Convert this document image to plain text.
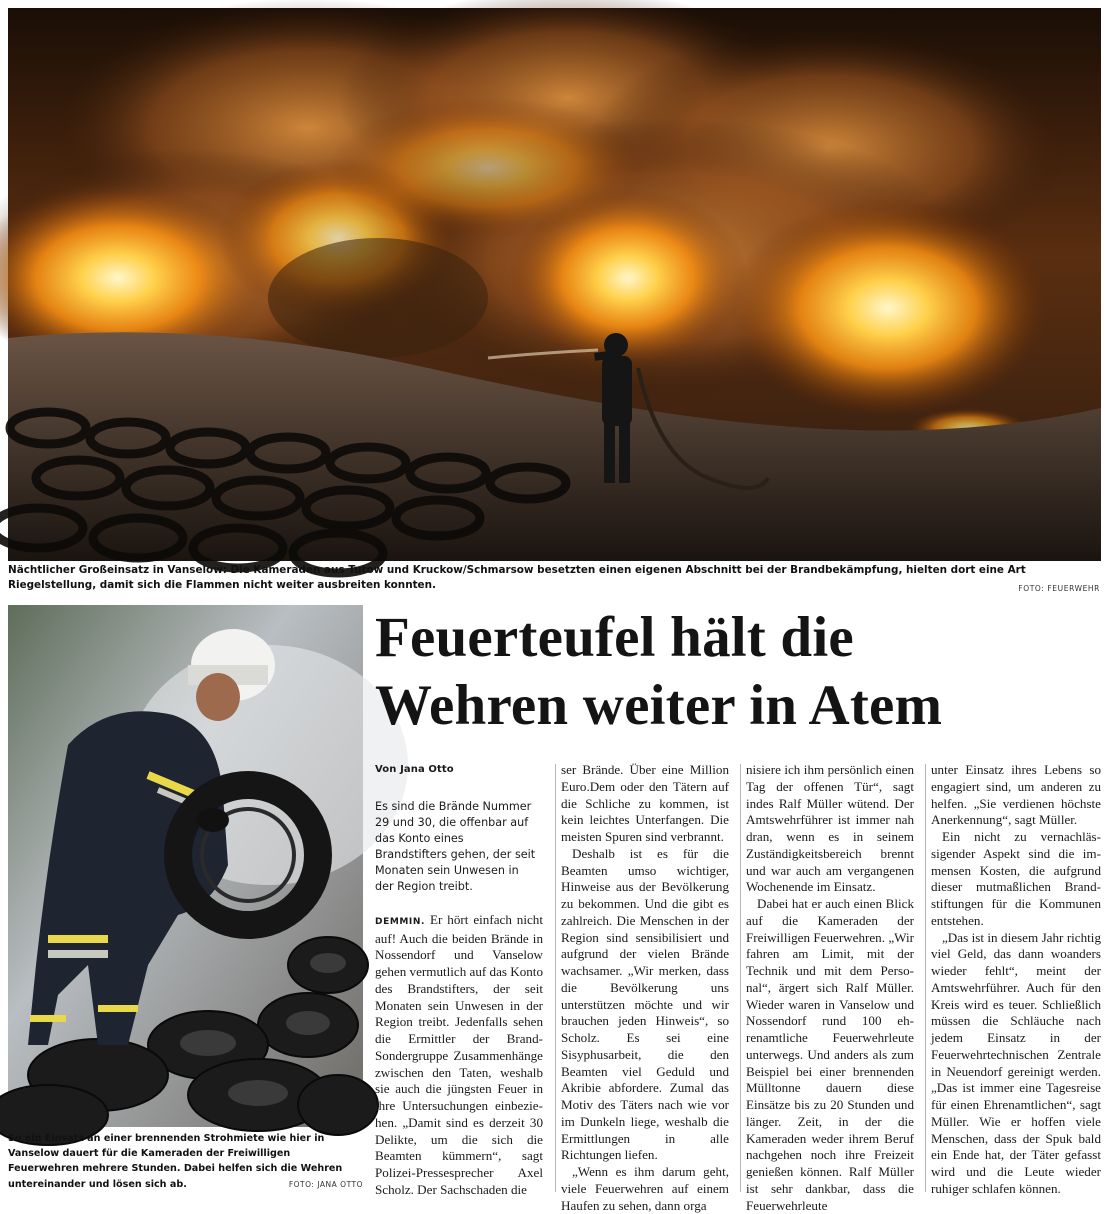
Nächtlicher Großeinsatz in Vanselow: Die Kameraden aus Tutow und Kruckow/Schmarsow besetzten einen eigenen Abschnitt bei der Brandbekämpfung, hielten dort eine Art Riegelstellung, damit sich die Flammen nicht weiter ausbreiten konnten.	FOTO: FEUERWEHR
So ein Einsatz an einer brennenden Strohmiete wie hier in Vanselow dauert für die Kameraden der Freiwilligen Feuerwehren mehrere Stunden. Dabei helfen sich die Wehren untereinander und lösen sich ab.	FOTO: JANA OTTO
Feuerteufel hält die
Wehren weiter in Atem
Von Jana Otto
Es sind die Brände Nummer 29 und 30, die offenbar auf das Konto eines Brandstifters gehen, der seit Monaten sein Unwesen in der Region treibt.

DEMMIN. Er hört einfach nicht auf! Auch die beiden Brände in Nossendorf und Vanselow gehen vermutlich auf das Konto des Brandstifters, der seit Monaten sein Unwesen in der Region treibt. Jedenfalls sehen die Ermittler der Brand-Sondergruppe Zusammenhänge zwischen den Taten, weshalb sie auch die jüngsten Feuer in ihre Untersuchungen einbeziehen. „Damit sind es derzeit 30 Delikte, um die sich die Beamten kümmern“, sagt Polizei-Pressesprecher Axel Scholz. Der Sachschaden die

ser Brände. Über eine Million Euro.Dem oder den Tätern auf die Schliche zu kommen, ist kein leichtes Unterfangen. Die meisten Spuren sind verbrannt.

Deshalb ist es für die Beamten umso wichtiger, Hinweise aus der Bevölkerung zu bekommen. Und die gibt es zahlreich. Die Menschen in der Region sind sensibilisiert und aufgrund der vielen Brände wachsamer. „Wir merken, dass die Bevölkerung uns unterstützen möchte und wir brauchen jeden Hinweis“, so Scholz. Es sei eine Sisyphusarbeit, die den Beamten viel Geduld und Akribie abfordere. Zumal das Motiv des Täters nach wie vor im Dunkeln liege, weshalb die Ermittlungen in alle Richtungen liefen.

„Wenn es ihm darum geht, viele Feuerwehren auf einem Haufen zu sehen, dann orga

nisiere ich ihm persönlich einen Tag der offenen Tür“, sagt indes Ralf Müller wütend. Der Amtswehrführer ist immer nah dran, wenn es in seinem Zuständigkeitsbereich brennt und war auch am vergangenen Wochenende im Einsatz.

Dabei hat er auch einen Blick auf die Kameraden der Freiwilligen Feuerwehren. „Wir fahren am Limit, mit der Technik und mit dem Personal“, ärgert sich Ralf Müller. Wieder waren in Vanselow und Nossendorf rund 100 ehrenamtliche Feuerwehrleute unterwegs. Und anders als zum Beispiel bei einer brennenden Mülltonne dauern diese Einsätze bis zu 20 Stunden und länger. Zeit, in der die Kameraden weder ihrem Beruf nachgehen noch ihre Freizeit genießen können. Ralf Müller ist sehr dankbar, dass die Feuerwehrleute

unter Einsatz ihres Lebens so engagiert sind, um anderen zu helfen. „Sie verdienen höchste Anerkennung“, sagt Müller.

Ein nicht zu vernachlässigender Aspekt sind die immensen Kosten, die aufgrund dieser mutmaßlichen Brandstiftungen für die Kommunen entstehen.

„Das ist in diesem Jahr richtig viel Geld, das dann woanders wieder fehlt“, meint der Amtswehrführer. Auch für den Kreis wird es teuer. Schließlich müssen die Schläuche nach jedem Einsatz in der Feuerwehrtechnischen Zentrale in Neuendorf gereinigt werden. „Das ist immer eine Tagesreise für einen Ehrenamtlichen“, sagt Müller. Wie er hoffen viele Menschen, dass der Spuk bald ein Ende hat, der Täter gefasst wird und die Leute wieder ruhiger schlafen können.
